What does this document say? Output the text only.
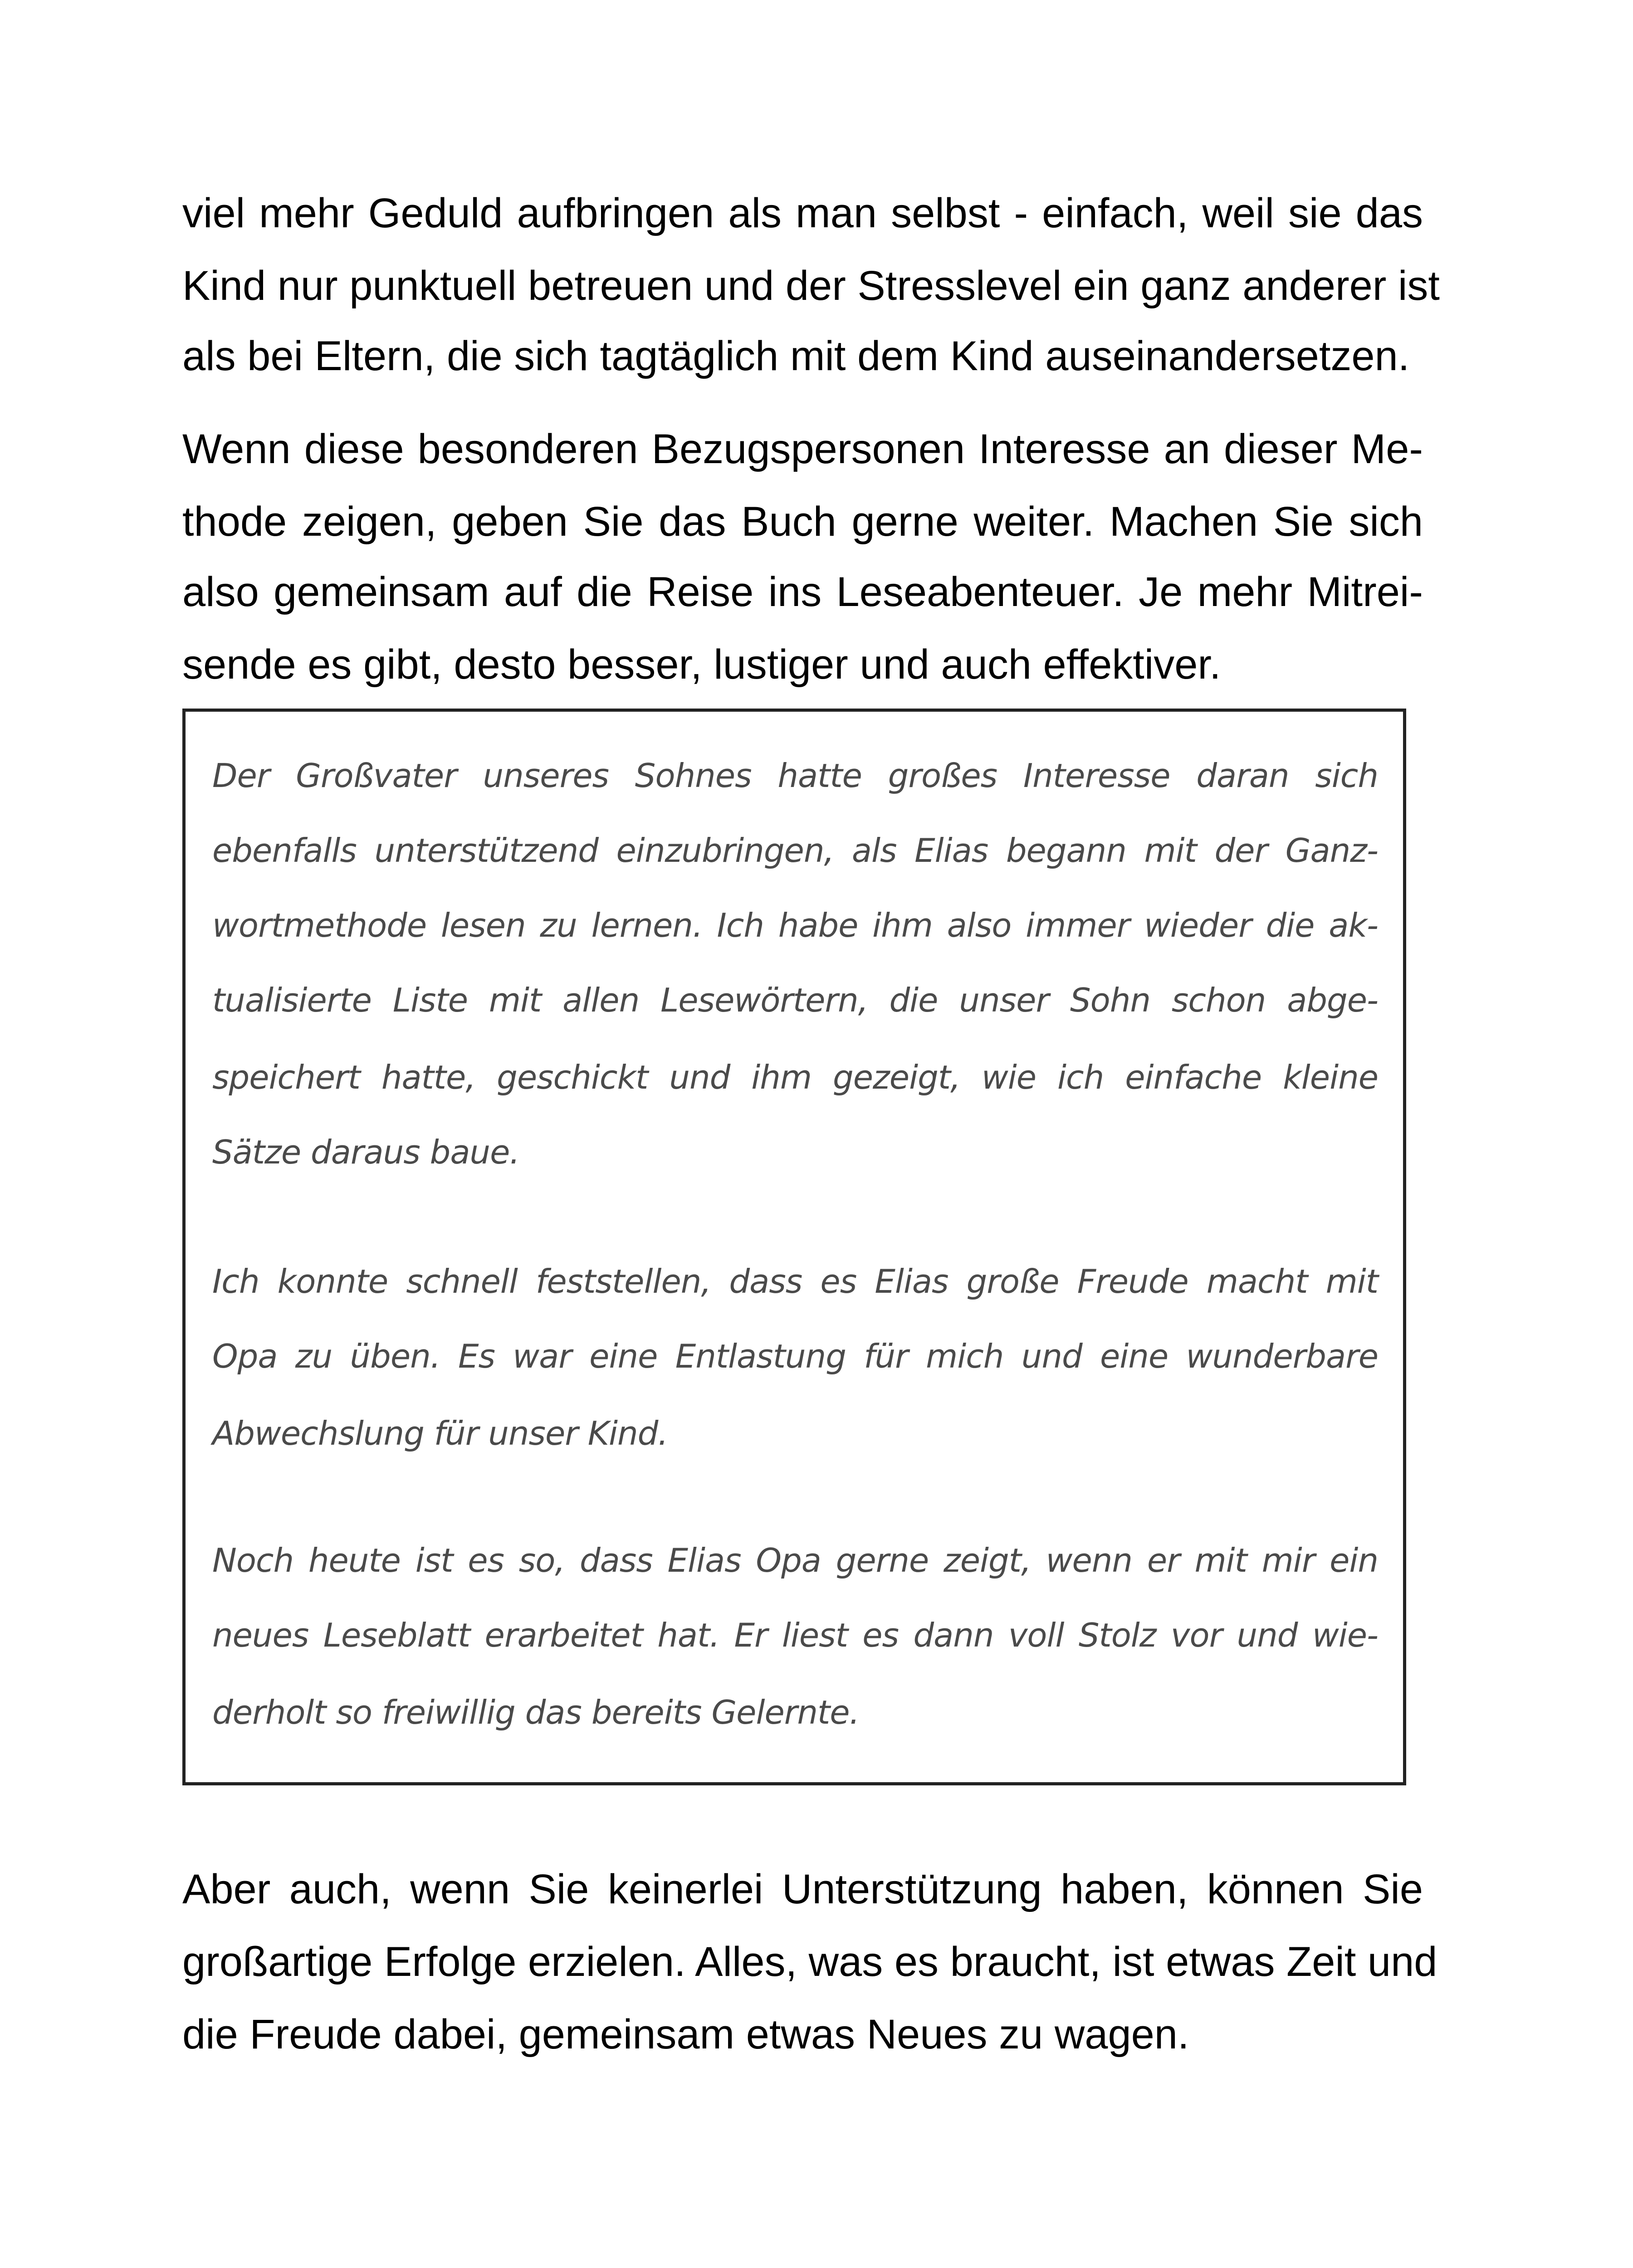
viel mehr Geduld aufbringen als man selbst - einfach, weil sie das
Kind nur punktuell betreuen und der Stresslevel ein ganz anderer ist
als bei Eltern, die sich tagtäglich mit dem Kind auseinandersetzen.
Wenn diese besonderen Bezugspersonen Interesse an dieser Me-
thode zeigen, geben Sie das Buch gerne weiter. Machen Sie sich
also gemeinsam auf die Reise ins Leseabenteuer. Je mehr Mitrei-
sende es gibt, desto besser, lustiger und auch effektiver.
Der Großvater unseres Sohnes hatte großes Interesse daran sich
ebenfalls unterstützend einzubringen, als Elias begann mit der Ganz-
wortmethode lesen zu lernen. Ich habe ihm also immer wieder die ak-
tualisierte Liste mit allen Lesewörtern, die unser Sohn schon abge-
speichert hatte, geschickt und ihm gezeigt, wie ich einfache kleine
Sätze daraus baue.
Ich konnte schnell feststellen, dass es Elias große Freude macht mit
Opa zu üben. Es war eine Entlastung für mich und eine wunderbare
Abwechslung für unser Kind.
Noch heute ist es so, dass Elias Opa gerne zeigt, wenn er mit mir ein
neues Leseblatt erarbeitet hat. Er liest es dann voll Stolz vor und wie-
derholt so freiwillig das bereits Gelernte.
Aber auch, wenn Sie keinerlei Unterstützung haben, können Sie
großartige Erfolge erzielen. Alles, was es braucht, ist etwas Zeit und
die Freude dabei, gemeinsam etwas Neues zu wagen.
